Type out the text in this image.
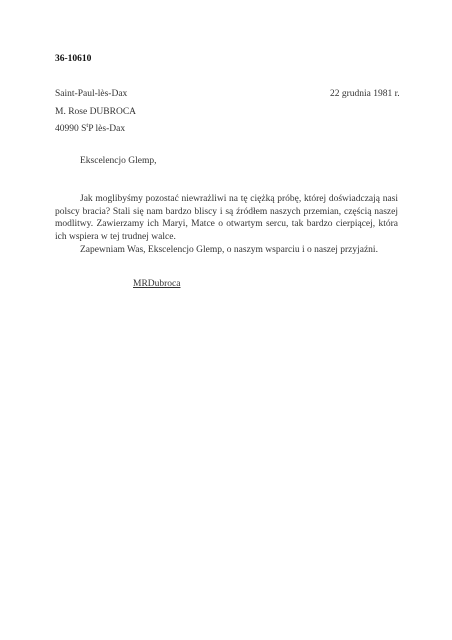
36-10610
Saint-Paul-lès-Dax	22 grudnia 1981 r.
M. Rose DUBROCA
40990 $S^tP$ lès-Dax
Ekscelencjo Glemp,

Jak moglibyśmy pozostać niewrażliwi na tę ciężką próbę, której doświadczają nasi polscy bracia? Stali się nam bardzo bliscy i są źródłem naszych przemian, częścią naszej modlitwy. Zawierzamy ich Maryi, Matce o otwartym sercu, tak bardzo cierpiącej, która ich wspiera w tej trudnej walce.

Zapewniam Was, Ekscelencjo Glemp, o naszym wsparciu i o naszej przyjaźni.

MRDubroca
